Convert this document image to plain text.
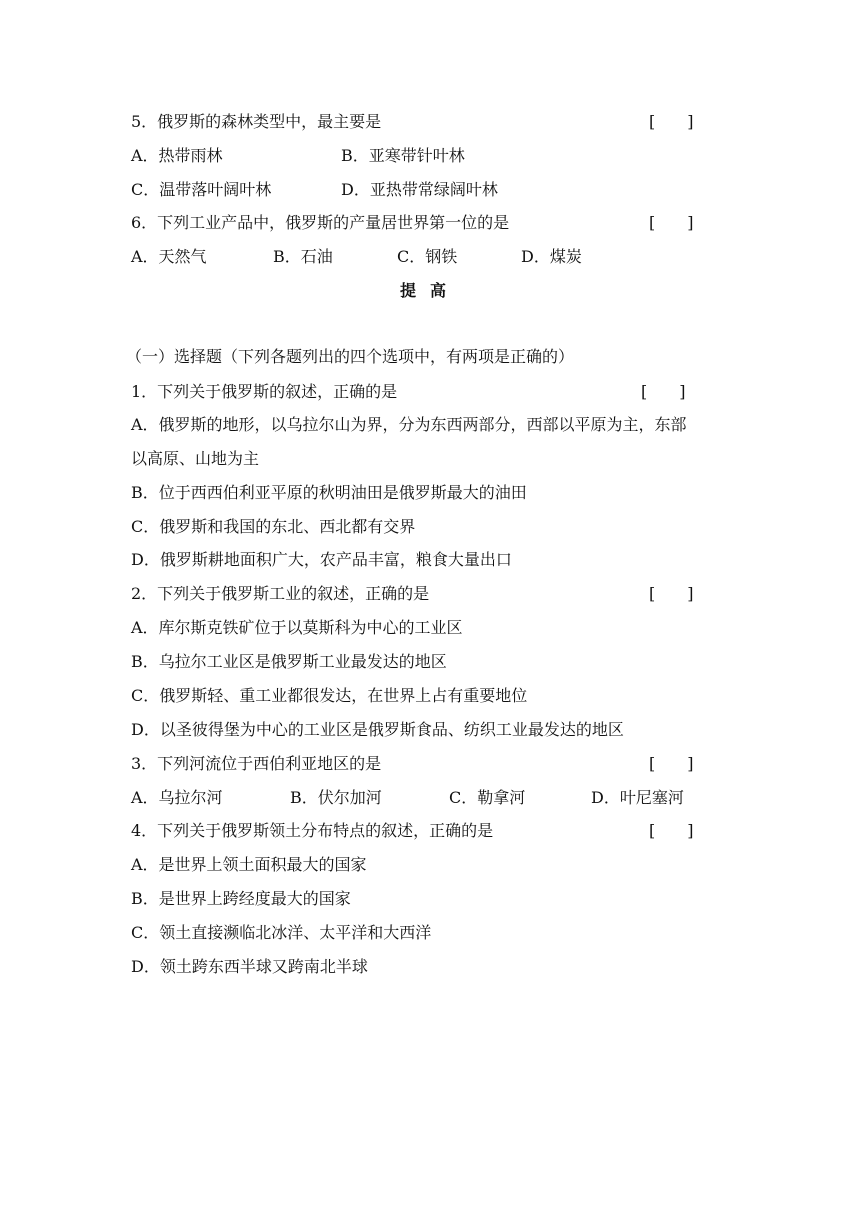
5．俄罗斯的森林类型中，最主要是	[　　]
A．热带雨林	B．亚寒带针叶林
C．温带落叶阔叶林	D．亚热带常绿阔叶林
6．下列工业产品中，俄罗斯的产量居世界第一位的是	[　　]
A．天然气	B．石油	C．钢铁	D．煤炭
提高
（一）选择题（下列各题列出的四个选项中，有两项是正确的）
1．下列关于俄罗斯的叙述，正确的是	[　　]
A．俄罗斯的地形，以乌拉尔山为界，分为东西两部分，西部以平原为主，东部
以高原、山地为主
B．位于西西伯利亚平原的秋明油田是俄罗斯最大的油田
C．俄罗斯和我国的东北、西北都有交界
D．俄罗斯耕地面积广大，农产品丰富，粮食大量出口
2．下列关于俄罗斯工业的叙述，正确的是	[　　]
A．库尔斯克铁矿位于以莫斯科为中心的工业区
B．乌拉尔工业区是俄罗斯工业最发达的地区
C．俄罗斯轻、重工业都很发达，在世界上占有重要地位
D．以圣彼得堡为中心的工业区是俄罗斯食品、纺织工业最发达的地区
3．下列河流位于西伯利亚地区的是	[　　]
A．乌拉尔河	B．伏尔加河	C．勒拿河	D．叶尼塞河
4．下列关于俄罗斯领土分布特点的叙述，正确的是	[　　]
A．是世界上领土面积最大的国家
B．是世界上跨经度最大的国家
C．领土直接濒临北冰洋、太平洋和大西洋
D．领土跨东西半球又跨南北半球
